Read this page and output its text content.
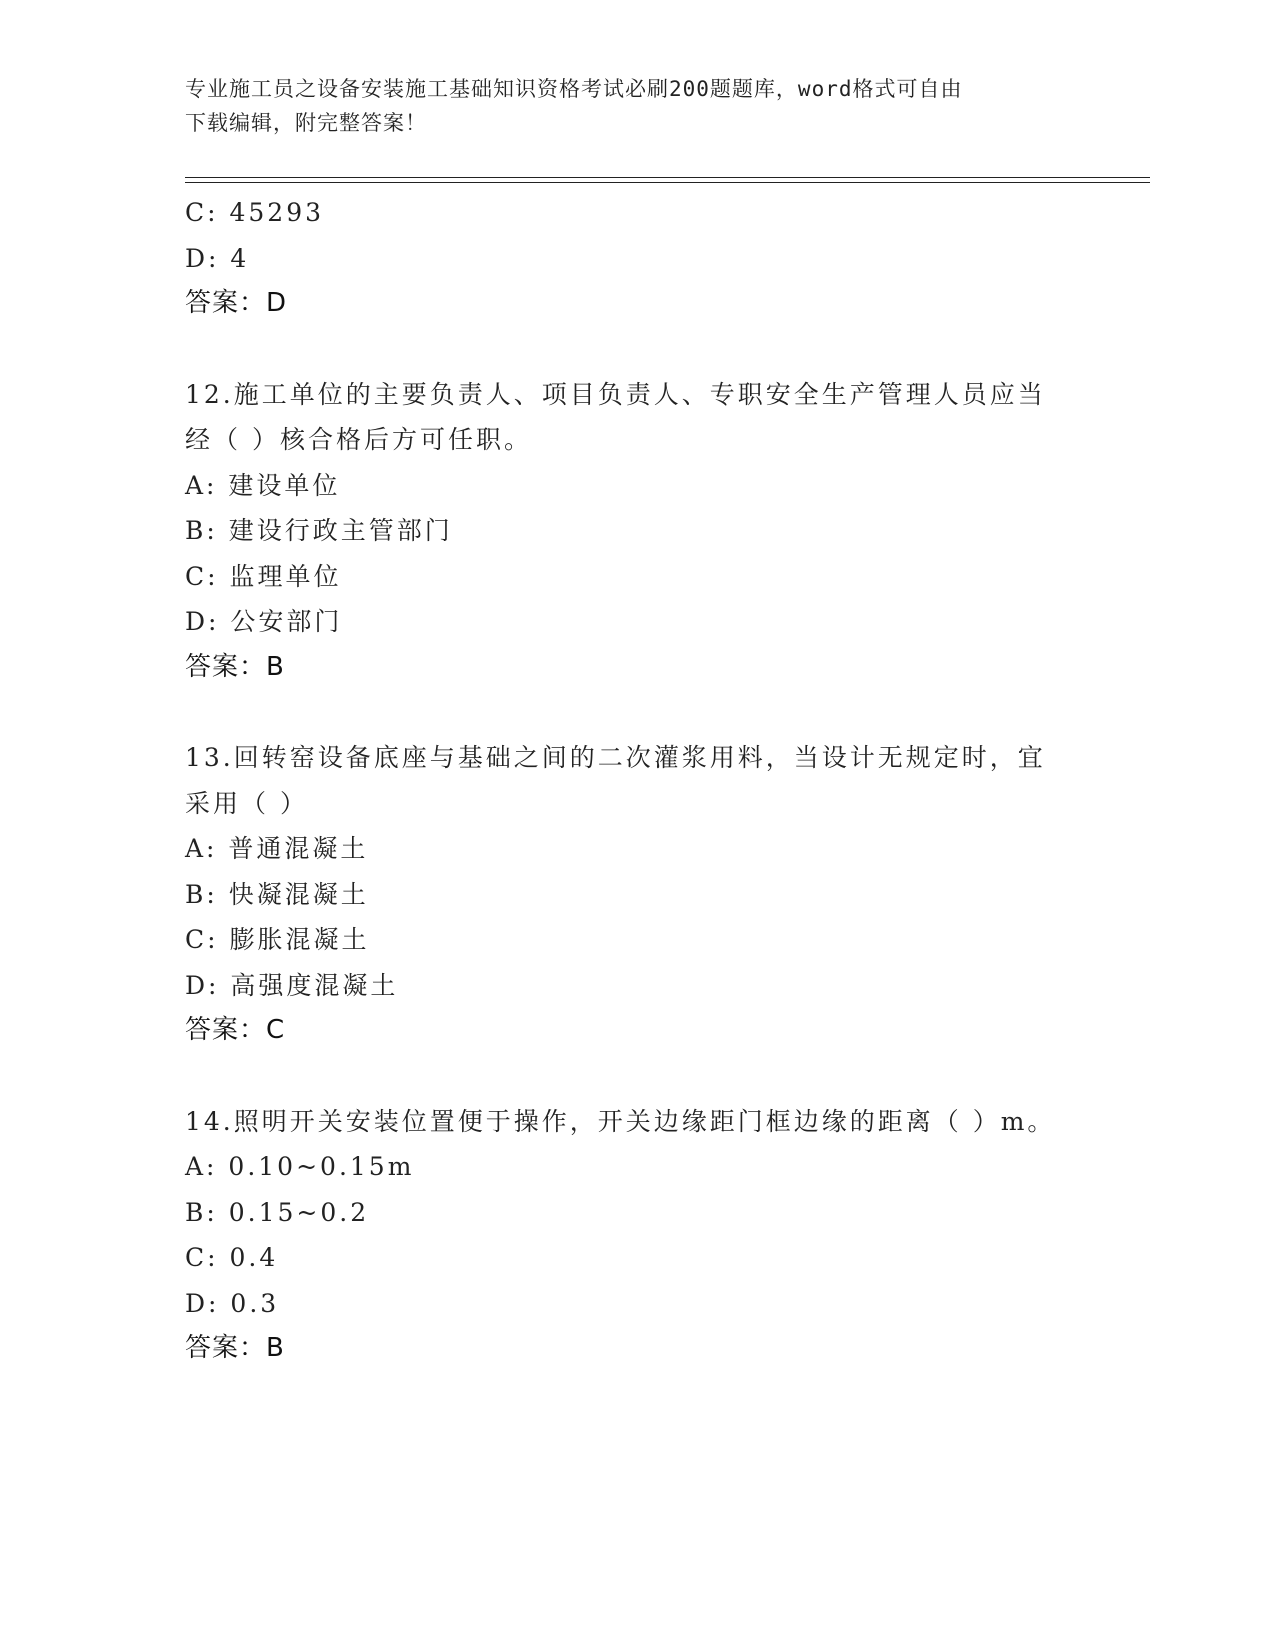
专业施工员之设备安装施工基础知识资格考试必刷200题题库，word格式可自由
下载编辑，附完整答案！
C: 45293
D: 4
答案：D
12.施工单位的主要负责人、项目负责人、专职安全生产管理人员应当
经（ ）核合格后方可任职。
A: 建设单位
B: 建设行政主管部门
C: 监理单位
D: 公安部门
答案：B
13.回转窑设备底座与基础之间的二次灌浆用料，当设计无规定时，宜
采用（ ）
A: 普通混凝土
B: 快凝混凝土
C: 膨胀混凝土
D: 高强度混凝土
答案：C
14.照明开关安装位置便于操作，开关边缘距门框边缘的距离（ ）m。
A: 0.10~0.15m
B: 0.15~0.2
C: 0.4
D: 0.3
答案：B
